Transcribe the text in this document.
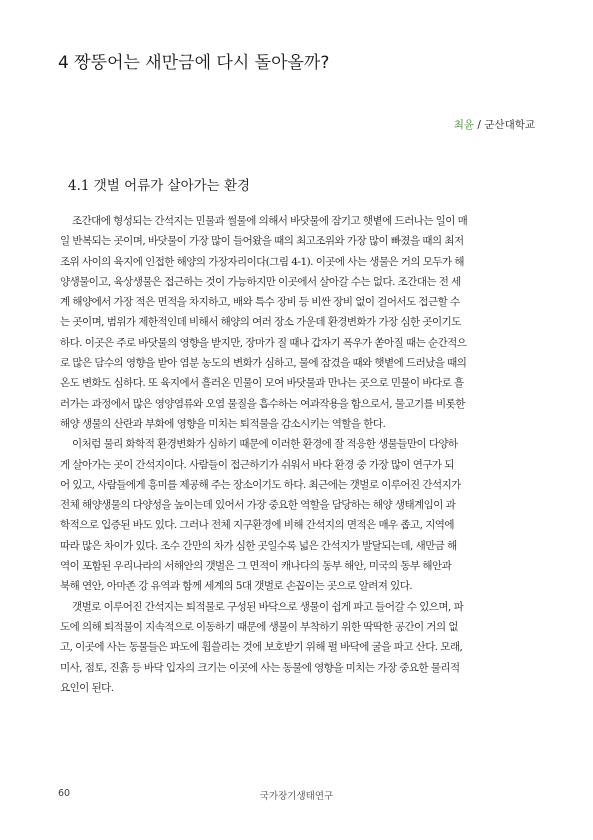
4 짱뚱어는 새만금에 다시 돌아올까?
최윤 / 군산대학교
4.1 갯벌 어류가 살아가는 환경
조간대에 형성되는 간석지는 민물과 썰물에 의해서 바닷물에 잠기고 햇볕에 드러나는 일이 매
일 반복되는 곳이며, 바닷물이 가장 많이 들어왔을 때의 최고조위와 가장 많이 빠졌을 때의 최저
조위 사이의 육지에 인접한 해양의 가장자리이다(그림 4-1). 이곳에 사는 생물은 거의 모두가 해
양생물이고, 육상생물은 접근하는 것이 가능하지만 이곳에서 살아갈 수는 없다. 조간대는 전 세
계 해양에서 가장 적은 면적을 차지하고, 배와 특수 장비 등 비싼 장비 없이 걸어서도 접근할 수
는 곳이며, 범위가 제한적인데 비해서 해양의 여러 장소 가운데 환경변화가 가장 심한 곳이기도
하다. 이곳은 주로 바닷물의 영향을 받지만, 장마가 질 때나 갑자기 폭우가 쏟아질 때는 순간적으
로 많은 담수의 영향을 받아 염분 농도의 변화가 심하고, 물에 잠겼을 때와 햇볕에 드러났을 때의
온도 변화도 심하다. 또 육지에서 흘러온 민물이 모여 바닷물과 만나는 곳으로 민물이 바다로 흘
러가는 과정에서 많은 영양염류와 오염 물질을 흡수하는 여과작용을 함으로서, 물고기를 비롯한
해양 생물의 산란과 부화에 영향을 미치는 퇴적물을 감소시키는 역할을 한다.
이처럼 물리 화학적 환경변화가 심하기 때문에 이러한 환경에 잘 적응한 생물들만이 다양하
게 살아가는 곳이 간석지이다. 사람들이 접근하기가 쉬워서 바다 환경 중 가장 많이 연구가 되
어 있고, 사람들에게 흥미를 제공해 주는 장소이기도 하다. 최근에는 갯벌로 이루어진 간석지가
전체 해양생물의 다양성을 높이는데 있어서 가장 중요한 역할을 담당하는 해양 생태계임이 과
학적으로 입증된 바도 있다. 그러나 전체 지구환경에 비해 간석지의 면적은 매우 좁고, 지역에
따라 많은 차이가 있다. 조수 간만의 차가 심한 곳일수록 넓은 간석지가 발달되는데, 새만금 해
역이 포함된 우리나라의 서해안의 갯벌은 그 면적이 캐나다의 동부 해안, 미국의 동부 해안과
북해 연안, 아마존 강 유역과 함께 세계의 5대 갯벌로 손꼽이는 곳으로 알려져 있다.
갯벌로 이루어진 간석지는 퇴적물로 구성된 바닥으로 생물이 쉽게 파고 들어갈 수 있으며, 파
도에 의해 퇴적물이 지속적으로 이동하기 때문에 생물이 부착하기 위한 딱딱한 공간이 거의 없
고, 이곳에 사는 동물들은 파도에 휩쓸리는 것에 보호받기 위해 펄 바닥에 굴을 파고 산다. 모래,
미사, 점토, 진흙 등 바닥 입자의 크기는 이곳에 사는 동물에 영향을 미치는 가장 중요한 물리적
요인이 된다.
60	국가장기생태연구
